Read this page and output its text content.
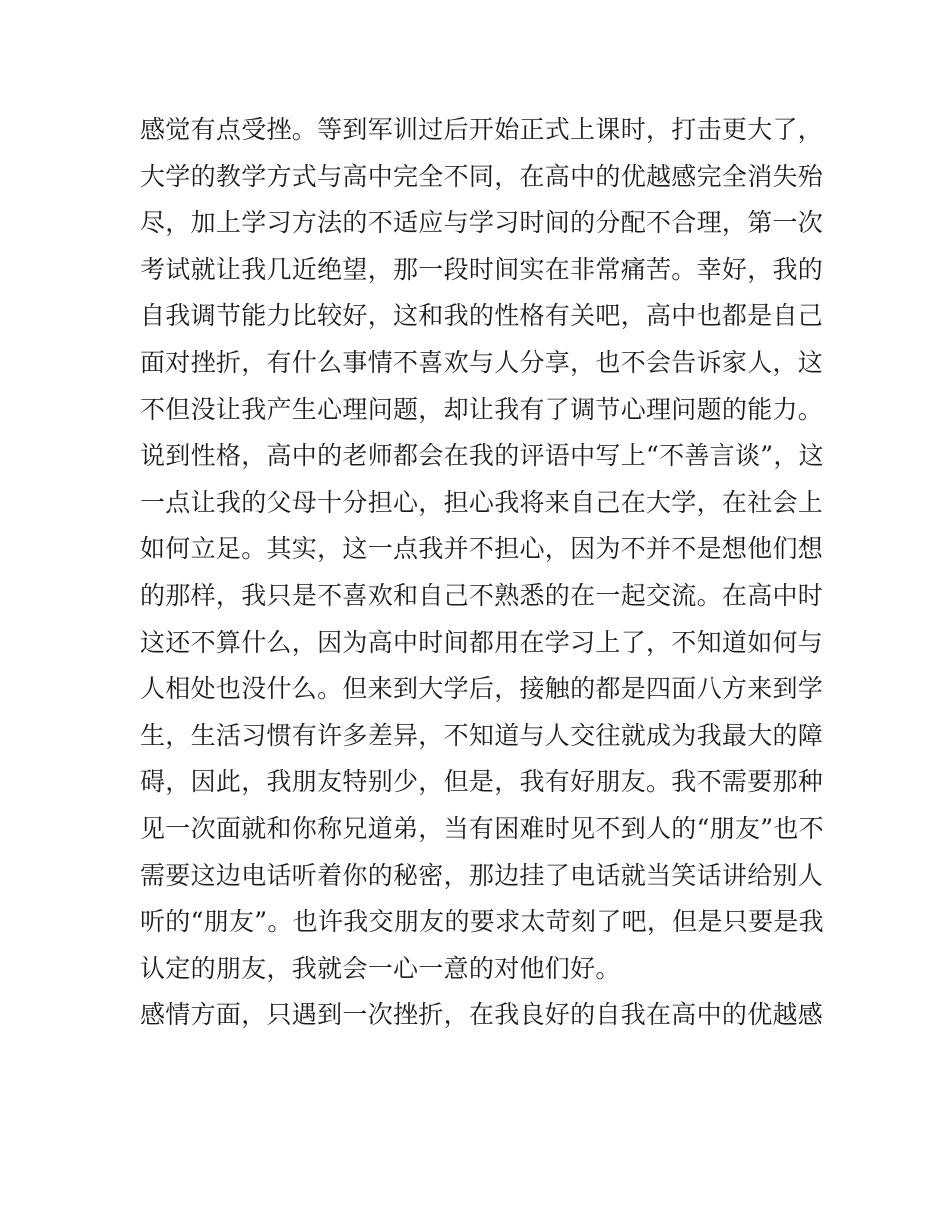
感觉有点受挫。等到军训过后开始正式上课时，打击更大了，
大学的教学方式与高中完全不同，在高中的优越感完全消失殆
尽，加上学习方法的不适应与学习时间的分配不合理，第一次
考试就让我几近绝望，那一段时间实在非常痛苦。幸好，我的
自我调节能力比较好，这和我的性格有关吧，高中也都是自己
面对挫折，有什么事情不喜欢与人分享，也不会告诉家人，这
不但没让我产生心理问题，却让我有了调节心理问题的能力。
说到性格，高中的老师都会在我的评语中写上“不善言谈”，这
一点让我的父母十分担心，担心我将来自己在大学，在社会上
如何立足。其实，这一点我并不担心，因为不并不是想他们想
的那样，我只是不喜欢和自己不熟悉的在一起交流。在高中时
这还不算什么，因为高中时间都用在学习上了，不知道如何与
人相处也没什么。但来到大学后，接触的都是四面八方来到学
生，生活习惯有许多差异，不知道与人交往就成为我最大的障
碍，因此，我朋友特别少，但是，我有好朋友。我不需要那种
见一次面就和你称兄道弟，当有困难时见不到人的“朋友”也不
需要这边电话听着你的秘密，那边挂了电话就当笑话讲给别人
听的“朋友”。也许我交朋友的要求太苛刻了吧，但是只要是我
认定的朋友，我就会一心一意的对他们好。
感情方面，只遇到一次挫折，在我良好的自我在高中的优越感
